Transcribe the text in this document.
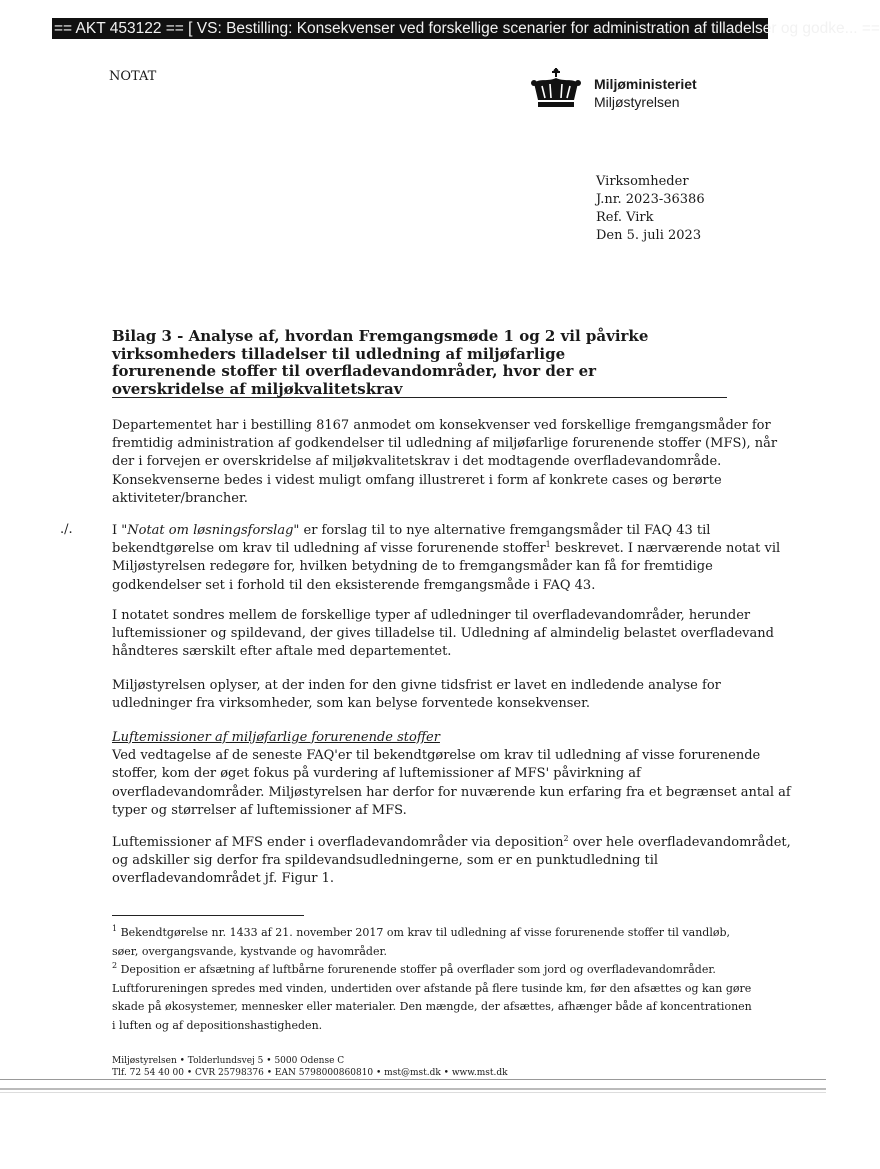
== AKT 453122 == [ VS: Bestilling: Konsekvenser ved forskellige scenarier for administration af tilladelser og godke... ==
NOTAT	Miljøministeriet
Miljøstyrelsen
Virksomheder
J.nr. 2023-36386
Ref. Virk
Den 5. juli 2023
Bilag 3 - Analyse af, hvordan Fremgangsmøde 1 og 2 vil påvirke
virksomheders tilladelser til udledning af miljøfarlige
forurenende stoffer til overfladevandområder, hvor der er
overskridelse af miljøkvalitetskrav
Departementet har i bestilling 8167 anmodet om konsekvenser ved forskellige fremgangsmåder for
fremtidig administration af godkendelser til udledning af miljøfarlige forurenende stoffer (MFS), når
der i forvejen er overskridelse af miljøkvalitetskrav i det modtagende overfladevandområde.
Konsekvenserne bedes i videst muligt omfang illustreret i form af konkrete cases og berørte
aktiviteter/brancher.
./.	I "Notat om løsningsforslag" er forslag til to nye alternative fremgangsmåder til FAQ 43 til
bekendtgørelse om krav til udledning af visse forurenende stoffer$^1$ beskrevet. I nærværende notat vil
Miljøstyrelsen redegøre for, hvilken betydning de to fremgangsmåder kan få for fremtidige
godkendelser set i forhold til den eksisterende fremgangsmåde i FAQ 43.
I notatet sondres mellem de forskellige typer af udledninger til overfladevandområder, herunder
luftemissioner og spildevand, der gives tilladelse til. Udledning af almindelig belastet overfladevand
håndteres særskilt efter aftale med departementet.
Miljøstyrelsen oplyser, at der inden for den givne tidsfrist er lavet en indledende analyse for
udledninger fra virksomheder, som kan belyse forventede konsekvenser.
Luftemissioner af miljøfarlige forurenende stoffer
Ved vedtagelse af de seneste FAQ'er til bekendtgørelse om krav til udledning af visse forurenende
stoffer, kom der øget fokus på vurdering af luftemissioner af MFS' påvirkning af
overfladevandområder. Miljøstyrelsen har derfor for nuværende kun erfaring fra et begrænset antal af
typer og størrelser af luftemissioner af MFS.
Luftemissioner af MFS ender i overfladevandområder via deposition$^2$ over hele overfladevandområdet,
og adskiller sig derfor fra spildevandsudledningerne, som er en punktudledning til
overfladevandområdet jf. Figur 1.
$^1$ Bekendtgørelse nr. 1433 af 21. november 2017 om krav til udledning af visse forurenende stoffer til vandløb,
søer, overgangsvande, kystvande og havområder.
$^2$ Deposition er afsætning af luftbårne forurenende stoffer på overflader som jord og overfladevandområder.
Luftforureningen spredes med vinden, undertiden over afstande på flere tusinde km, før den afsættes og kan gøre
skade på økosystemer, mennesker eller materialer. Den mængde, der afsættes, afhænger både af koncentrationen
i luften og af depositionshastigheden.
Miljøstyrelsen • Tolderlundsvej 5 • 5000 Odense C
Tlf. 72 54 40 00 • CVR 25798376 • EAN 5798000860810 • mst@mst.dk • www.mst.dk
